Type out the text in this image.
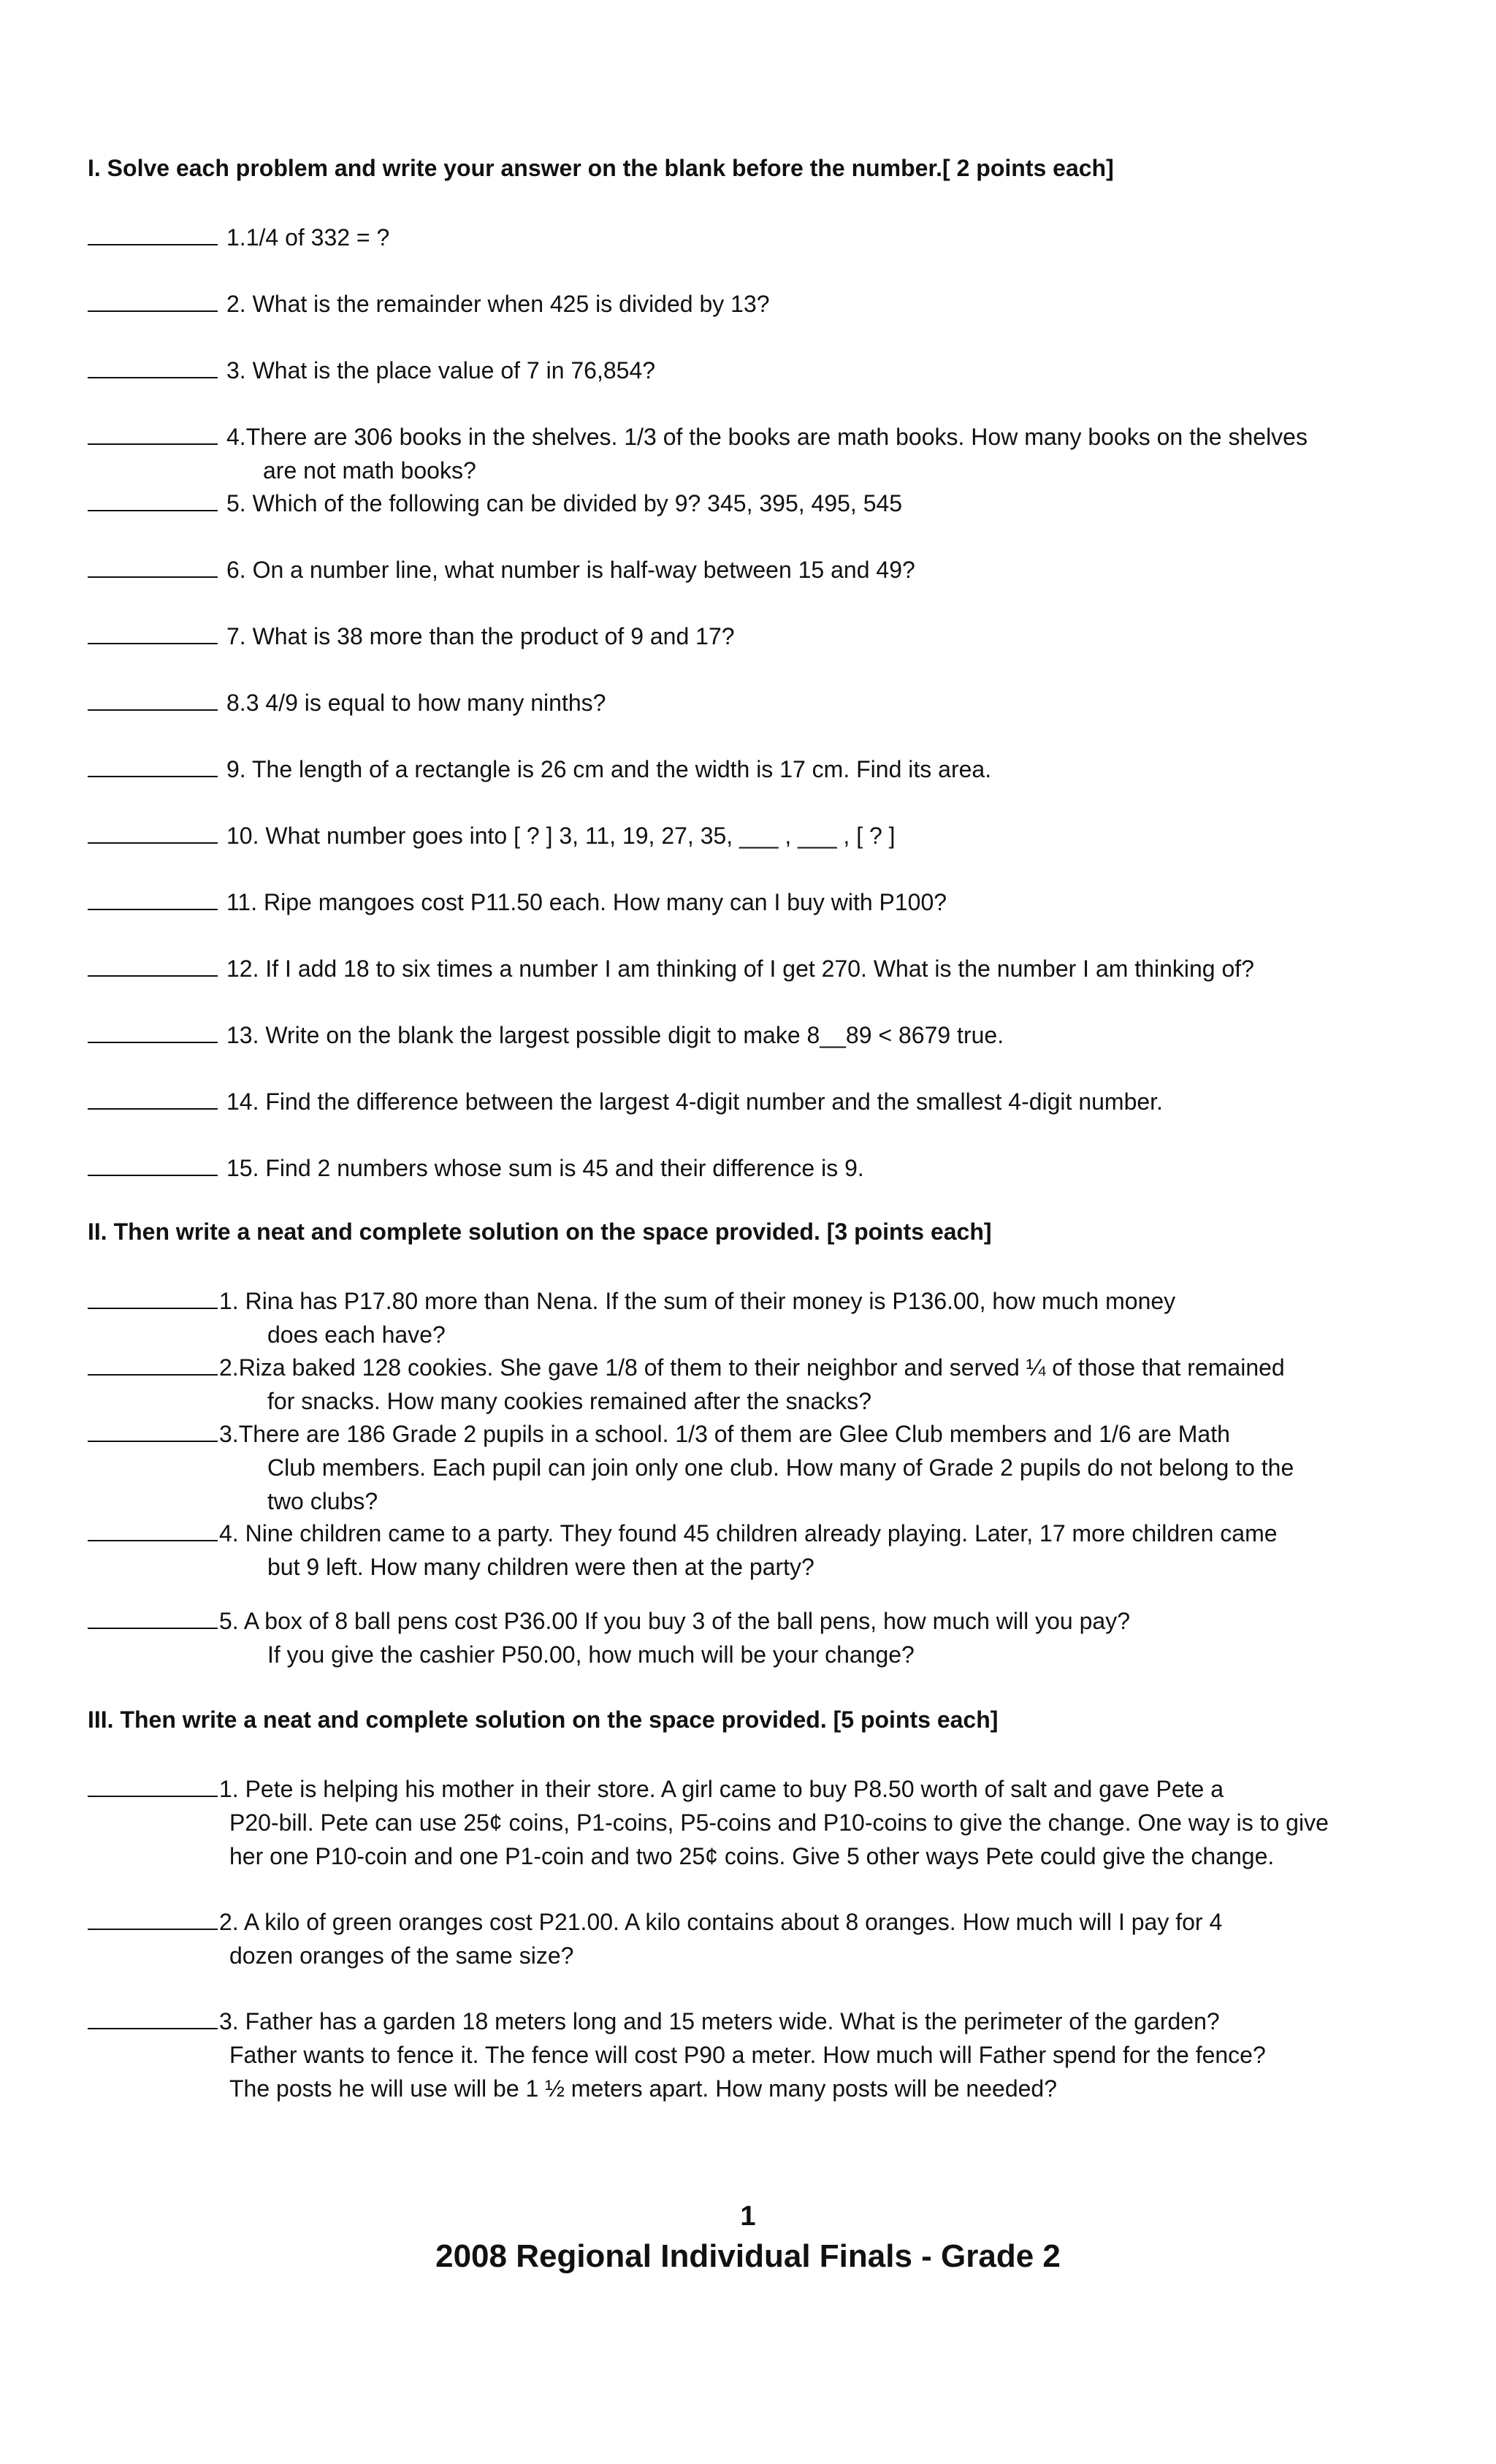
I. Solve each problem and write your answer on the blank before the number.[ 2 points each]
1.1/4 of 332 = ?
2. What is the remainder when 425 is divided by 13?
3. What is the place value of 7 in 76,854?
4.There are 306 books in the shelves. 1/3 of the books are math books. How many books on the shelves
are not math books?
5. Which of the following can be divided by 9? 345, 395, 495, 545
6. On a number line, what number is half-way between 15 and 49?
7. What is 38 more than the product of 9 and 17?
8.3 4/9 is equal to how many ninths?
9. The length of a rectangle is 26 cm and the width is 17 cm. Find its area.
10. What number goes into [ ? ] 3, 11, 19, 27, 35, ___ , ___ , [ ? ]
11. Ripe mangoes cost P11.50 each. How many can I buy with P100?
12. If I add 18 to six times a number I am thinking of I get 270. What is the number I am thinking of?
13. Write on the blank the largest possible digit to make 8__89 < 8679 true.
14. Find the difference between the largest 4-digit number and the smallest 4-digit number.
15. Find 2 numbers whose sum is 45 and their difference is 9.
II. Then write a neat and complete solution on the space provided. [3 points each]
1. Rina has P17.80 more than Nena. If the sum of their money is P136.00, how much money
does each have?
2.Riza baked 128 cookies. She gave 1/8 of them to their neighbor and served ¼ of those that remained
for snacks. How many cookies remained after the snacks?
3.There are 186 Grade 2 pupils in a school. 1/3 of them are Glee Club members and 1/6 are Math
Club members. Each pupil can join only one club. How many of Grade 2 pupils do not belong to the
two clubs?
4. Nine children came to a party. They found 45 children already playing. Later, 17 more children came
but 9 left. How many children were then at the party?
5. A box of 8 ball pens cost P36.00 If you buy 3 of the ball pens, how much will you pay?
If you give the cashier P50.00, how much will be your change?
III. Then write a neat and complete solution on the space provided. [5 points each]
1. Pete is helping his mother in their store. A girl came to buy P8.50 worth of salt and gave Pete a
P20-bill. Pete can use 25¢ coins, P1-coins, P5-coins and P10-coins to give the change. One way is to give
her one P10-coin and one P1-coin and two 25¢ coins. Give 5 other ways Pete could give the change.
2. A kilo of green oranges cost P21.00. A kilo contains about 8 oranges. How much will I pay for 4
dozen oranges of the same size?
3. Father has a garden 18 meters long and 15 meters wide. What is the perimeter of the garden?
Father wants to fence it. The fence will cost P90 a meter. How much will Father spend for the fence?
The posts he will use will be 1 ½ meters apart. How many posts will be needed?
1
2008 Regional Individual Finals - Grade 2
